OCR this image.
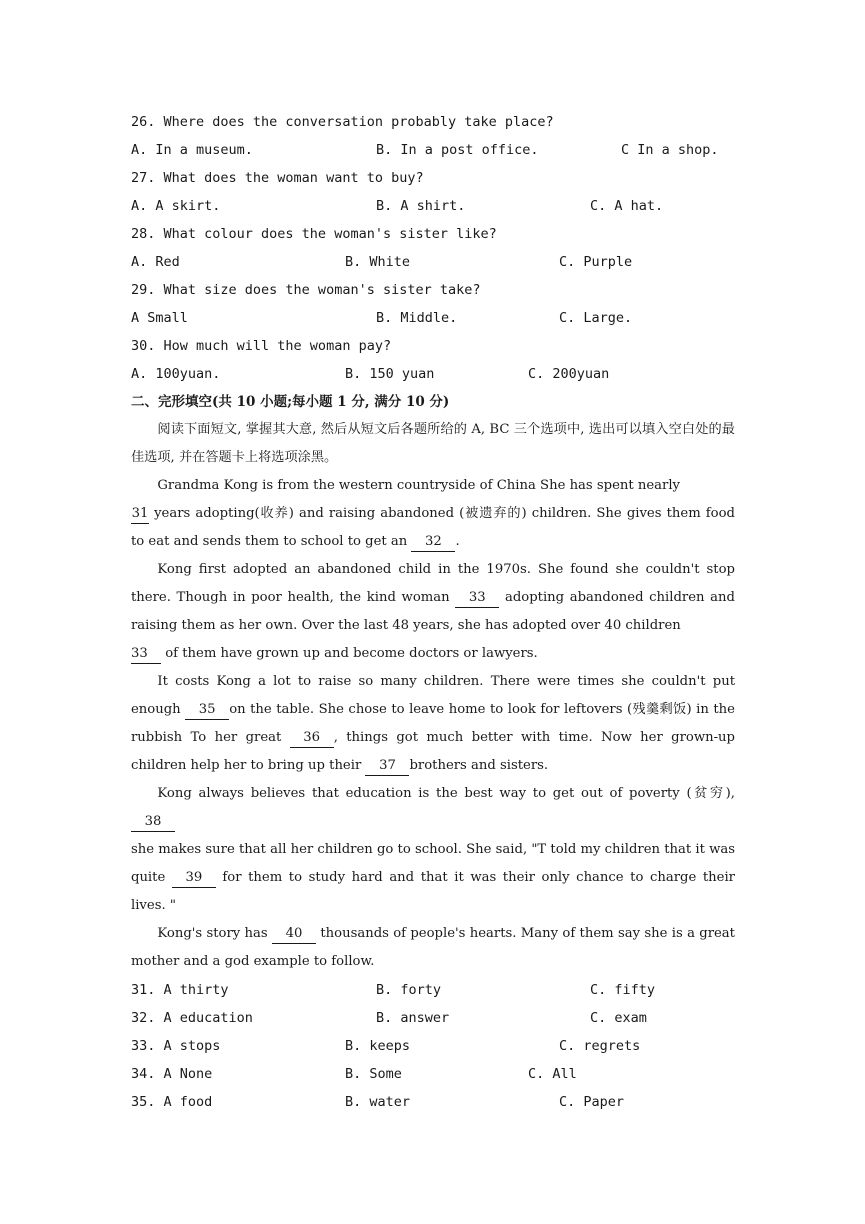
26. Where does the conversation probably take place?
A. In a museum.	B. In a post office.	C In a shop.
27. What does the woman want to buy?
A. A skirt.	B. A shirt.	C. A hat.
28. What colour does the woman's sister like?
A. Red	B. White	C. Purple
29. What size does the woman's sister take?
A Small	B. Middle.	C. Large.
30. How much will the woman pay?
A. 100yuan.	B. 150 yuan	C. 200yuan
二、完形填空(共 10 小题;每小题 1 分, 满分 10 分)

阅读下面短文, 掌握其大意, 然后从短文后各题所给的 A, BC 三个选项中, 选出可以填入空白处的最佳选项, 并在答题卡上将选项涂黑。

Grandma Kong is from the western countryside of China She has spent nearly
31 years adopting(收养) and raising abandoned (被遗弃的) children. She gives them food to eat and sends them to school to get an 32 .

Kong first adopted an abandoned child in the 1970s. She found she couldn't stop there. Though in poor health, the kind woman 33 adopting abandoned children and raising them as her own. Over the last 48 years, she has adopted over 40 children
33 of them have grown up and become doctors or lawyers.

It costs Kong a lot to raise so many children. There were times she couldn't put enough 35 on the table. She chose to leave home to look for leftovers (残羹剩饭) in the rubbish To her great 36 , things got much better with time. Now her grown-up children help her to bring up their 37 brothers and sisters.

Kong always believes that education is the best way to get out of poverty (贫穷), 38

she makes sure that all her children go to school. She said, "T told my children that it was quite 39 for them to study hard and that it was their only chance to charge their lives. "

Kong's story has 40 thousands of people's hearts. Many of them say she is a great mother and a god example to follow.

31. A thirty	B. forty	C. fifty
32. A education	B. answer	C. exam
33. A stops	B. keeps	C. regrets
34. A None	B. Some	C. All
35. A food	B. water	C. Paper
